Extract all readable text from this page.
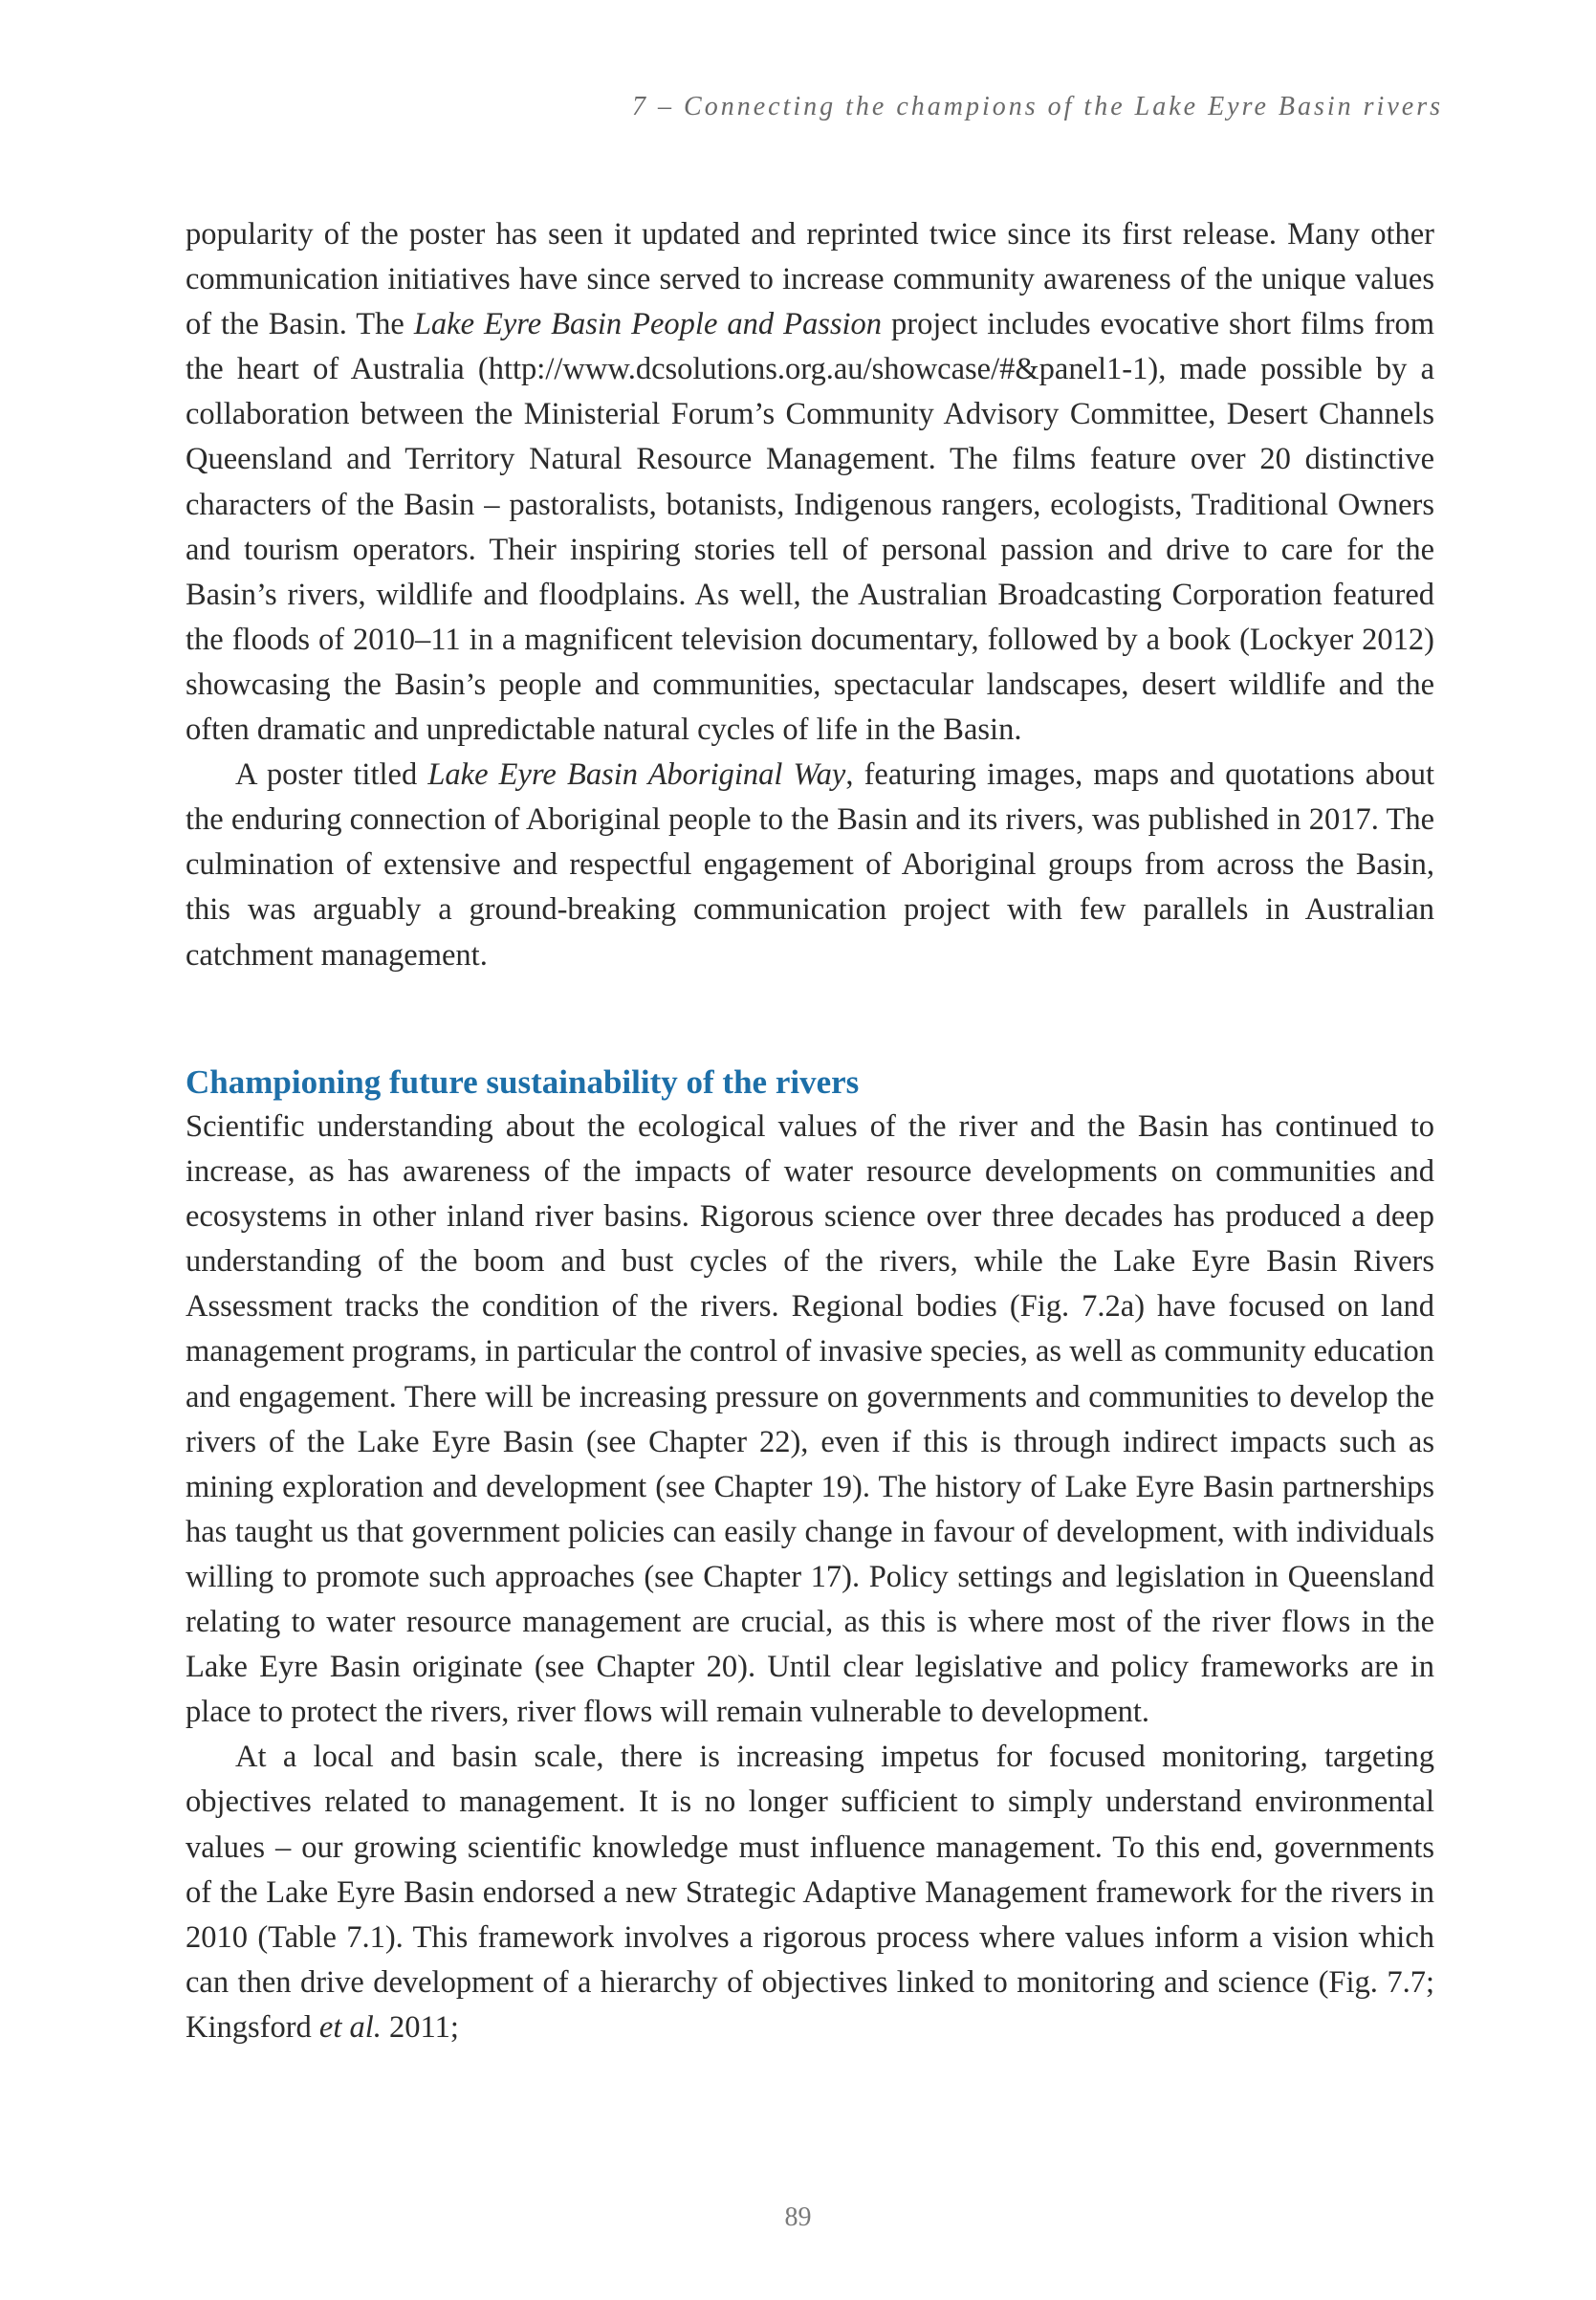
7 – Connecting the champions of the Lake Eyre Basin rivers

popularity of the poster has seen it updated and reprinted twice since its first release. Many other communication initiatives have since served to increase community awareness of the unique values of the Basin. The Lake Eyre Basin People and Passion project includes evocative short films from the heart of Australia (http://www.dcsolutions.org.au/showcase/#&panel1-1), made possible by a collaboration between the Ministerial Forum’s Community Advisory Committee, Desert Channels Queensland and Territory Natural Resource Management. The films feature over 20 distinctive characters of the Basin – pastoralists, botanists, Indigenous rangers, ecologists, Traditional Owners and tourism operators. Their inspiring stories tell of personal passion and drive to care for the Basin’s rivers, wildlife and floodplains. As well, the Australian Broadcasting Corporation featured the floods of 2010–11 in a magnificent television documentary, followed by a book (Lockyer 2012) showcasing the Basin’s people and communities, spectacular landscapes, desert wildlife and the often dramatic and unpredictable natural cycles of life in the Basin.

A poster titled Lake Eyre Basin Aboriginal Way, featuring images, maps and quotations about the enduring connection of Aboriginal people to the Basin and its rivers, was published in 2017. The culmination of extensive and respectful engagement of Aboriginal groups from across the Basin, this was arguably a ground-breaking communication project with few parallels in Australian catchment management.

Championing future sustainability of the rivers

Scientific understanding about the ecological values of the river and the Basin has continued to increase, as has awareness of the impacts of water resource developments on communities and ecosystems in other inland river basins. Rigorous science over three decades has produced a deep understanding of the boom and bust cycles of the rivers, while the Lake Eyre Basin Rivers Assessment tracks the condition of the rivers. Regional bodies (Fig. 7.2a) have focused on land management programs, in particular the control of invasive species, as well as community education and engagement. There will be increasing pressure on governments and communities to develop the rivers of the Lake Eyre Basin (see Chapter 22), even if this is through indirect impacts such as mining exploration and development (see Chapter 19). The history of Lake Eyre Basin partnerships has taught us that government policies can easily change in favour of development, with individuals willing to promote such approaches (see Chapter 17). Policy settings and legislation in Queensland relating to water resource management are crucial, as this is where most of the river flows in the Lake Eyre Basin originate (see Chapter 20). Until clear legislative and policy frameworks are in place to protect the rivers, river flows will remain vulnerable to development.

At a local and basin scale, there is increasing impetus for focused monitoring, targeting objectives related to management. It is no longer sufficient to simply understand environmental values – our growing scientific knowledge must influence management. To this end, governments of the Lake Eyre Basin endorsed a new Strategic Adaptive Management framework for the rivers in 2010 (Table 7.1). This framework involves a rigorous process where values inform a vision which can then drive development of a hierarchy of objectives linked to monitoring and science (Fig. 7.7; Kingsford et al. 2011;

89
